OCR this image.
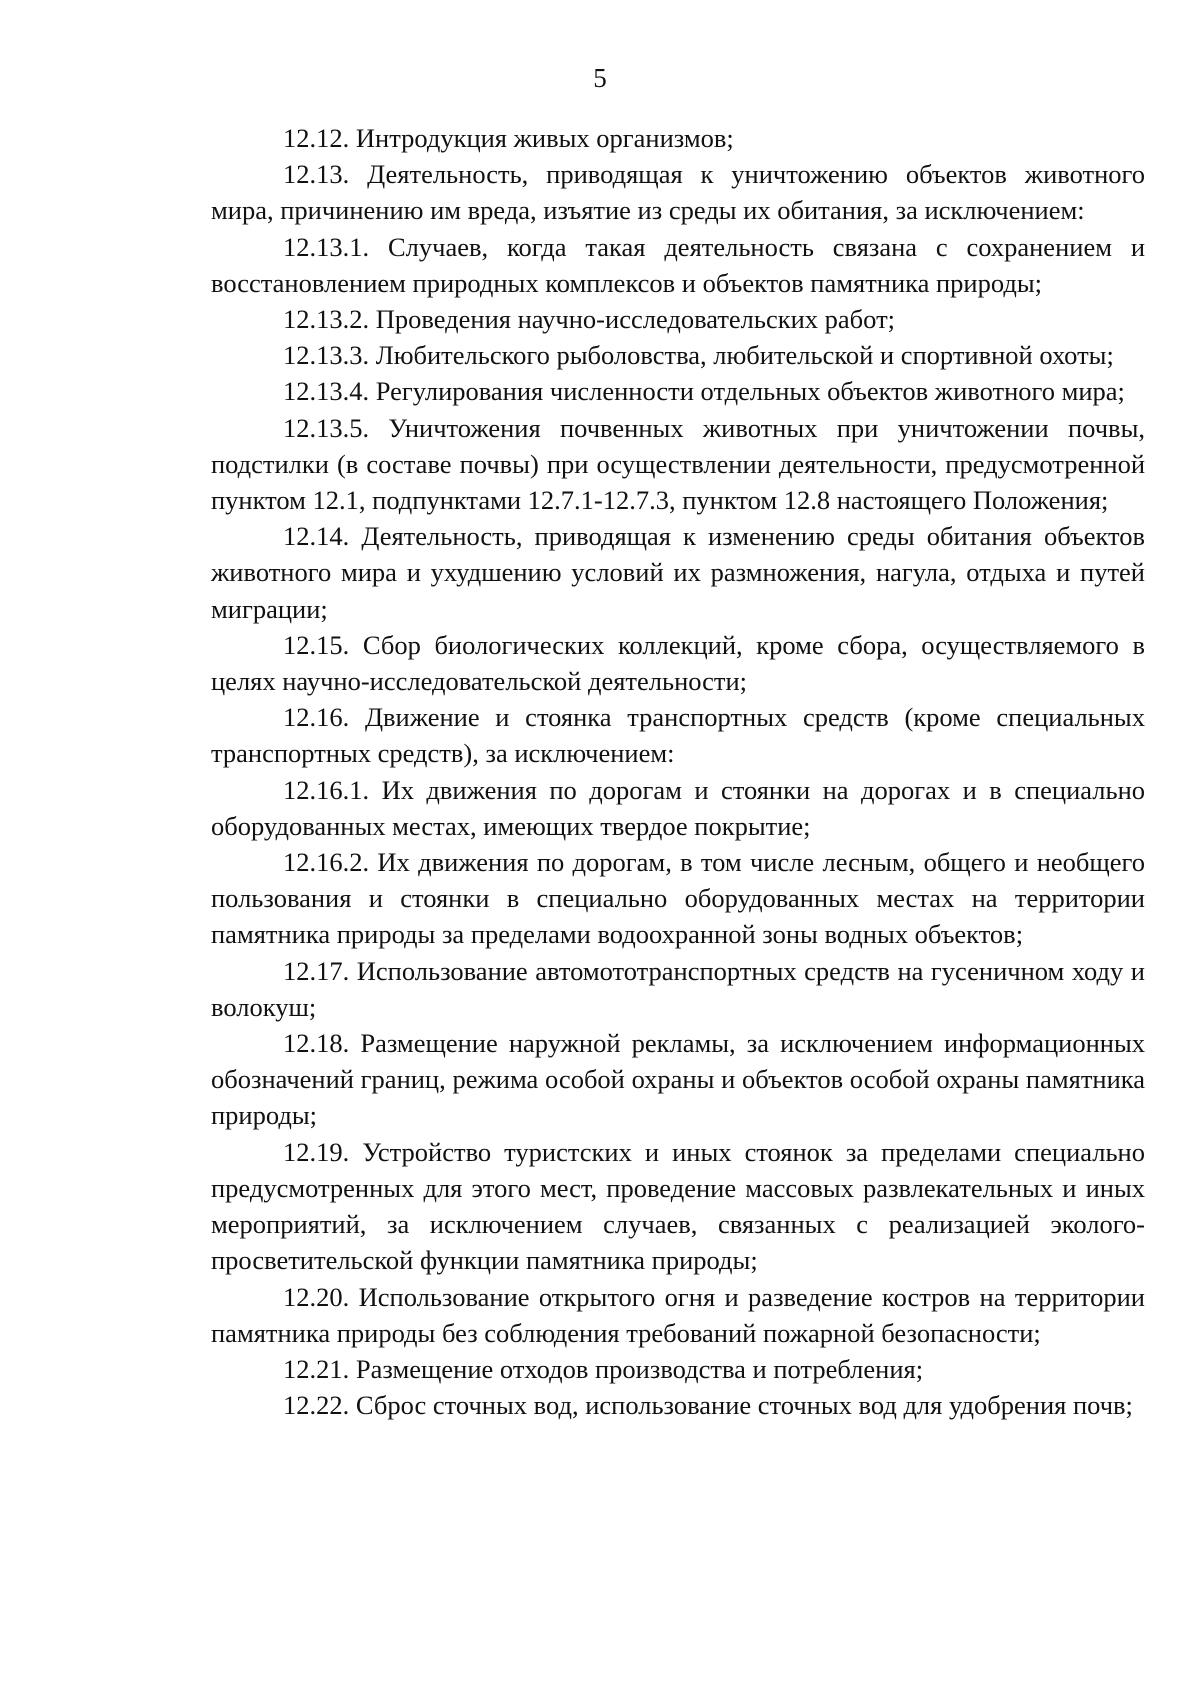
5

12.12. Интродукция живых организмов;

12.13. Деятельность, приводящая к уничтожению объектов животного мира, причинению им вреда, изъятие из среды их обитания, за исключением:

12.13.1. Случаев, когда такая деятельность связана с сохранением и восстановлением природных комплексов и объектов памятника природы;

12.13.2. Проведения научно-исследовательских работ;

12.13.3. Любительского рыболовства, любительской и спортивной охоты;

12.13.4. Регулирования численности отдельных объектов животного мира;

12.13.5. Уничтожения почвенных животных при уничтожении почвы, подстилки (в составе почвы) при осуществлении деятельности, предусмотренной пунктом 12.1, подпунктами 12.7.1-12.7.3, пунктом 12.8 настоящего Положения;

12.14. Деятельность, приводящая к изменению среды обитания объектов животного мира и ухудшению условий их размножения, нагула, отдыха и путей миграции;

12.15. Сбор биологических коллекций, кроме сбора, осуществляемого в целях научно-исследовательской деятельности;

12.16. Движение и стоянка транспортных средств (кроме специальных транспортных средств), за исключением:

12.16.1. Их движения по дорогам и стоянки на дорогах и в специально оборудованных местах, имеющих твердое покрытие;

12.16.2. Их движения по дорогам, в том числе лесным, общего и необщего пользования и стоянки в специально оборудованных местах на территории памятника природы за пределами водоохранной зоны водных объектов;

12.17. Использование автомототранспортных средств на гусеничном ходу и волокуш;

12.18. Размещение наружной рекламы, за исключением информационных обозначений границ, режима особой охраны и объектов особой охраны памятника природы;

12.19. Устройство туристских и иных стоянок за пределами специально предусмотренных для этого мест, проведение массовых развлекательных и иных мероприятий, за исключением случаев, связанных с реализацией эколого-просветительской функции памятника природы;

12.20. Использование открытого огня и разведение костров на территории памятника природы без соблюдения требований пожарной безопасности;

12.21. Размещение отходов производства и потребления;

12.22. Сброс сточных вод, использование сточных вод для удобрения почв;
